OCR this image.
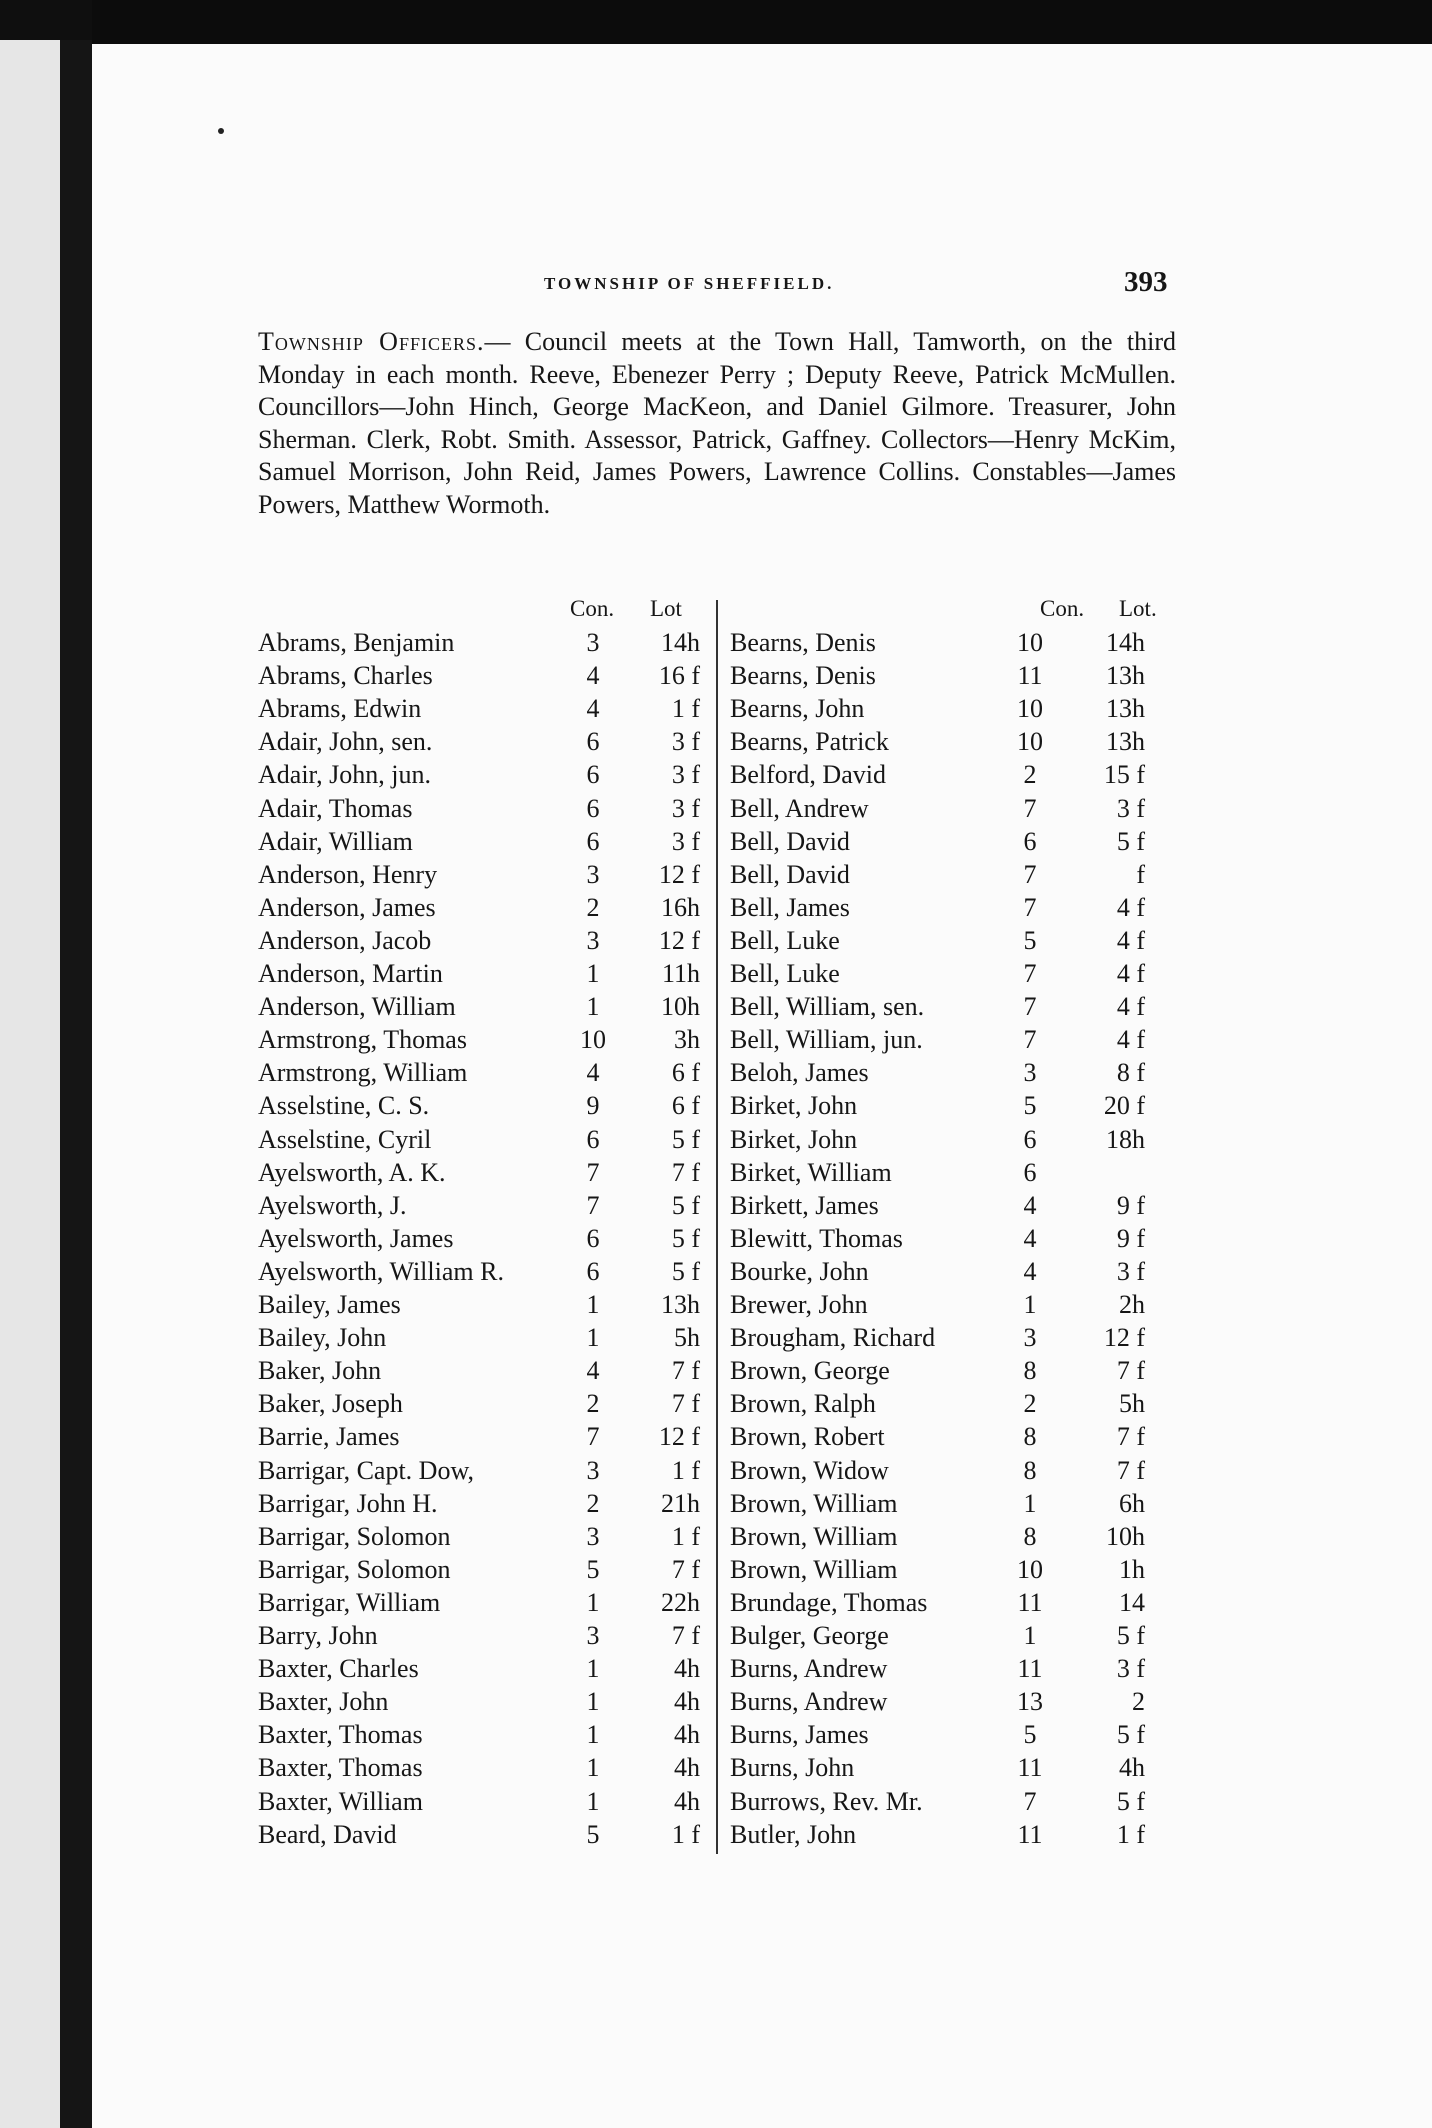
TOWNSHIP OF SHEFFIELD.	393
Township Officers.— Council meets at the Town Hall, Tamworth, on the third Monday in each month. Reeve, Ebenezer Perry ; Deputy Reeve, Patrick McMullen. Councillors—John Hinch, George MacKeon, and Daniel Gilmore. Treasurer, John Sherman. Clerk, Robt. Smith. Assessor, Patrick, Gaffney. Collectors—Henry McKim, Samuel Morrison, John Reid, James Powers, Lawrence Collins. Constables—James Powers, Matthew Wormoth.
Con. Lot	Con. Lot.
Abrams, Benjamin	3	14h
Abrams, Charles	4	16 f
Abrams, Edwin	4	1 f
Adair, John, sen.	6	3 f
Adair, John, jun.	6	3 f
Adair, Thomas	6	3 f
Adair, William	6	3 f
Anderson, Henry	3	12 f
Anderson, James	2	16h
Anderson, Jacob	3	12 f
Anderson, Martin	1	11h
Anderson, William	1	10h
Armstrong, Thomas	10	3h
Armstrong, William	4	6 f
Asselstine, C. S.	9	6 f
Asselstine, Cyril	6	5 f
Ayelsworth, A. K.	7	7 f
Ayelsworth, J.	7	5 f
Ayelsworth, James	6	5 f
Ayelsworth, William R.	6	5 f
Bailey, James	1	13h
Bailey, John	1	5h
Baker, John	4	7 f
Baker, Joseph	2	7 f
Barrie, James	7	12 f
Barrigar, Capt. Dow,	3	1 f
Barrigar, John H.	2	21h
Barrigar, Solomon	3	1 f
Barrigar, Solomon	5	7 f
Barrigar, William	1	22h
Barry, John	3	7 f
Baxter, Charles	1	4h
Baxter, John	1	4h
Baxter, Thomas	1	4h
Baxter, Thomas	1	4h
Baxter, William	1	4h
Beard, David	5	1 f
Bearns, Denis	10	14h
Bearns, Denis	11	13h
Bearns, John	10	13h
Bearns, Patrick	10	13h
Belford, David	2	15 f
Bell, Andrew	7	3 f
Bell, David	6	5 f
Bell, David	7	f
Bell, James	7	4 f
Bell, Luke	5	4 f
Bell, Luke	7	4 f
Bell, William, sen.	7	4 f
Bell, William, jun.	7	4 f
Beloh, James	3	8 f
Birket, John	5	20 f
Birket, John	6	18h
Birket, William	6
Birkett, James	4	9 f
Blewitt, Thomas	4	9 f
Bourke, John	4	3 f
Brewer, John	1	2h
Brougham, Richard	3	12 f
Brown, George	8	7 f
Brown, Ralph	2	5h
Brown, Robert	8	7 f
Brown, Widow	8	7 f
Brown, William	1	6h
Brown, William	8	10h
Brown, William	10	1h
Brundage, Thomas	11	14
Bulger, George	1	5 f
Burns, Andrew	11	3 f
Burns, Andrew	13	2
Burns, James	5	5 f
Burns, John	11	4h
Burrows, Rev. Mr.	7	5 f
Butler, John	11	1 f
